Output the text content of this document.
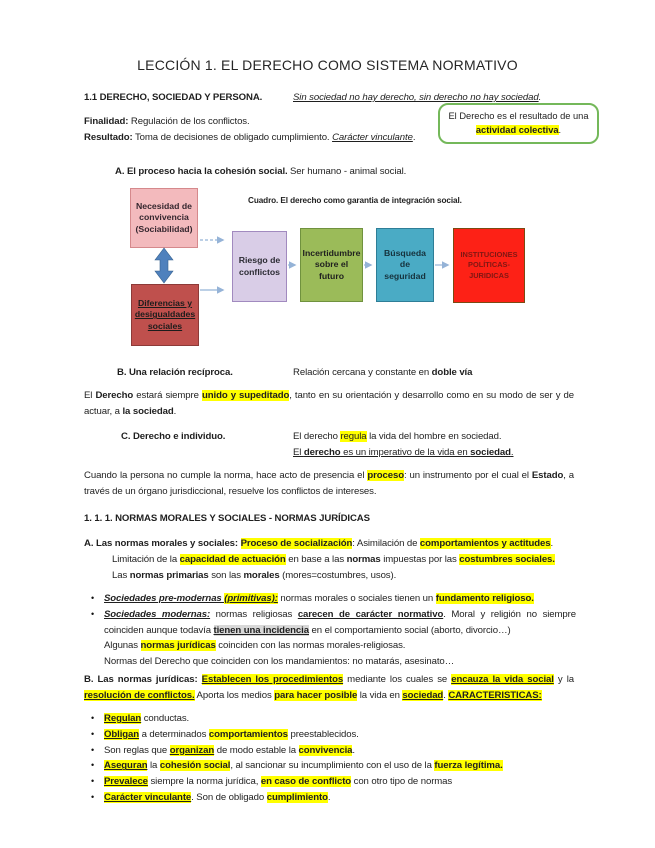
LECCIÓN 1. EL DERECHO COMO SISTEMA NORMATIVO
1.1 DERECHO, SOCIEDAD Y PERSONA.	Sin sociedad no hay derecho, sin derecho no hay sociedad.
Finalidad: Regulación de los conflictos.
Resultado: Toma de decisiones de obligado cumplimiento. Carácter vinculante.
El Derecho es el resultado de una actividad colectiva.
A. El proceso hacia la cohesión social. Ser humano - animal social.
Cuadro. El derecho como garantia de integración social.
Necesidad de convivencia (Sociabilidad)
Diferencias y desigualdades sociales
Riesgo de conflictos
Incertidumbre sobre el futuro
Búsqueda de seguridad
INSTITUCIONES POLÍTICAS-JURIDICAS
B. Una relación recíproca.	Relación cercana y constante en doble vía
El Derecho estará siempre unido y supeditado, tanto en su orientación y desarrollo como en su modo de ser y de actuar, a la sociedad.
C. Derecho e individuo.	El derecho regula la vida del hombre en sociedad.
El derecho es un imperativo de la vida en sociedad.
Cuando la persona no cumple la norma, hace acto de presencia el proceso: un instrumento por el cual el Estado, a través de un órgano jurisdiccional, resuelve los conflictos de intereses.
1. 1. 1. NORMAS MORALES Y SOCIALES - NORMAS JURÍDICAS
A. Las normas morales y sociales: Proceso de socialización: Asimilación de comportamientos y actitudes.
Limitación de la capacidad de actuación en base a las normas impuestas por las costumbres sociales.
Las normas primarias son las morales (mores=costumbres, usos).
•	Sociedades pre-modernas (primitivas): normas morales o sociales tienen un fundamento religioso.
•	Sociedades modernas: normas religiosas carecen de carácter normativo. Moral y religión no siempre coinciden aunque todavía tienen una incidencia en el comportamiento social (aborto, divorcio…)
Algunas normas jurídicas coinciden con las normas morales-religiosas.
Normas del Derecho que coinciden con los mandamientos: no matarás, asesinato…
B. Las normas jurídicas: Establecen los procedimientos mediante los cuales se encauza la vida social y la resolución de conflictos. Aporta los medios para hacer posible la vida en sociedad. CARACTERISTICAS:
•	Regulan conductas.
•	Obligan a determinados comportamientos preestablecidos.
•	Son reglas que organizan de modo estable la convivencia.
•	Aseguran la cohesión social, al sancionar su incumplimiento con el uso de la fuerza legítima.
•	Prevalece siempre la norma jurídica, en caso de conflicto con otro tipo de normas
•	Carácter vinculante. Son de obligado cumplimiento.
